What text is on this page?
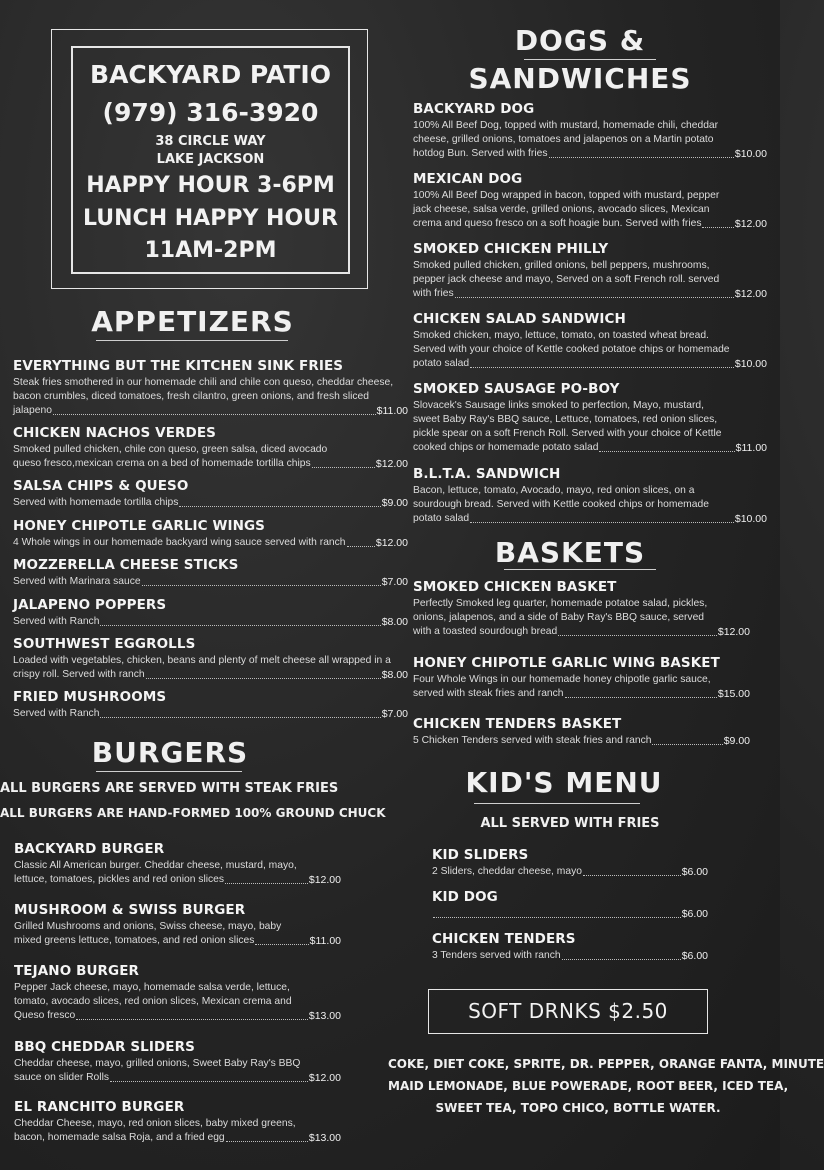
BACKYARD PATIO
(979) 316-3920
38 CIRCLE WAY
LAKE JACKSON
HAPPY HOUR 3-6PM
LUNCH HAPPY HOUR
11AM-2PM
APPETIZERS
EVERYTHING BUT THE KITCHEN SINK FRIES
Steak fries smothered in our homemade chili and chile con queso, cheddar cheese,
bacon crumbles, diced tomatoes, fresh cilantro, green onions, and fresh sliced
jalapeno	$11.00
CHICKEN NACHOS VERDES
Smoked pulled chicken, chile con queso, green salsa, diced avocado
queso fresco,mexican crema on a bed of homemade tortilla chips	$12.00
SALSA CHIPS & QUESO
Served with homemade tortilla chips	$9.00
HONEY CHIPOTLE GARLIC WINGS
4 Whole wings in our homemade backyard wing sauce served with ranch	$12.00
MOZZERELLA CHEESE STICKS
Served with Marinara sauce	$7.00
JALAPENO POPPERS
Served with Ranch	$8.00
SOUTHWEST EGGROLLS
Loaded with vegetables, chicken, beans and plenty of melt cheese all wrapped in a
crispy roll. Served with ranch	$8.00
FRIED MUSHROOMS
Served with Ranch	$7.00
BURGERS
ALL BURGERS ARE SERVED WITH STEAK FRIES
ALL BURGERS ARE HAND-FORMED 100% GROUND CHUCK
BACKYARD BURGER
Classic All American burger. Cheddar cheese, mustard, mayo,
lettuce, tomatoes, pickles and red onion slices	$12.00
MUSHROOM & SWISS BURGER
Grilled Mushrooms and onions, Swiss cheese, mayo, baby
mixed greens lettuce, tomatoes, and red onion slices	$11.00
TEJANO BURGER
Pepper Jack cheese, mayo, homemade salsa verde, lettuce,
tomato, avocado slices, red onion slices, Mexican crema and
Queso fresco	$13.00
BBQ CHEDDAR SLIDERS
Cheddar cheese, mayo, grilled onions, Sweet Baby Ray's BBQ
sauce on slider Rolls	$12.00
EL RANCHITO BURGER
Cheddar Cheese, mayo, red onion slices, baby mixed greens,
bacon, homemade salsa Roja, and a fried egg	$13.00
DOGS &
SANDWICHES
BACKYARD DOG
100% All Beef Dog, topped with mustard, homemade chili, cheddar
cheese, grilled onions, tomatoes and jalapenos on a Martin potato
hotdog Bun. Served with fries	$10.00
MEXICAN DOG
100% All Beef Dog wrapped in bacon, topped with mustard, pepper
jack cheese, salsa verde, grilled onions, avocado slices, Mexican
crema and queso fresco on a soft hoagie bun. Served with fries	$12.00
SMOKED CHICKEN PHILLY
Smoked pulled chicken, grilled onions, bell peppers, mushrooms,
pepper jack cheese and mayo, Served on a soft French roll. served
with fries	$12.00
CHICKEN SALAD SANDWICH
Smoked chicken, mayo, lettuce, tomato, on toasted wheat bread.
Served with your choice of Kettle cooked potatoe chips or homemade
potato salad	$10.00
SMOKED SAUSAGE PO-BOY
Slovacek's Sausage links smoked to perfection, Mayo, mustard,
sweet Baby Ray's BBQ sauce, Lettuce, tomatoes, red onion slices,
pickle spear on a soft French Roll. Served with your choice of Kettle
cooked chips or homemade potato salad	$11.00
B.L.T.A. SANDWICH
Bacon, lettuce, tomato, Avocado, mayo, red onion slices, on a
sourdough bread. Served with Kettle cooked chips or homemade
potato salad	$10.00
BASKETS
SMOKED CHICKEN BASKET
Perfectly Smoked leg quarter, homemade potatoe salad, pickles,
onions, jalapenos, and a side of Baby Ray's BBQ sauce, served
with a toasted sourdough bread	$12.00
HONEY CHIPOTLE GARLIC WING BASKET
Four Whole Wings in our homemade honey chipotle garlic sauce,
served with steak fries and ranch	$15.00
CHICKEN TENDERS BASKET
5 Chicken Tenders served with steak fries and ranch	$9.00
KID'S MENU
ALL SERVED WITH FRIES
KID SLIDERS
2 Sliders, cheddar cheese, mayo	$6.00
KID DOG
$6.00
CHICKEN TENDERS
3 Tenders served with ranch	$6.00
SOFT DRNKS $2.50
COKE, DIET COKE, SPRITE, DR. PEPPER, ORANGE FANTA, MINUTE
MAID LEMONADE, BLUE POWERADE, ROOT BEER, ICED TEA,
SWEET TEA, TOPO CHICO, BOTTLE WATER.
